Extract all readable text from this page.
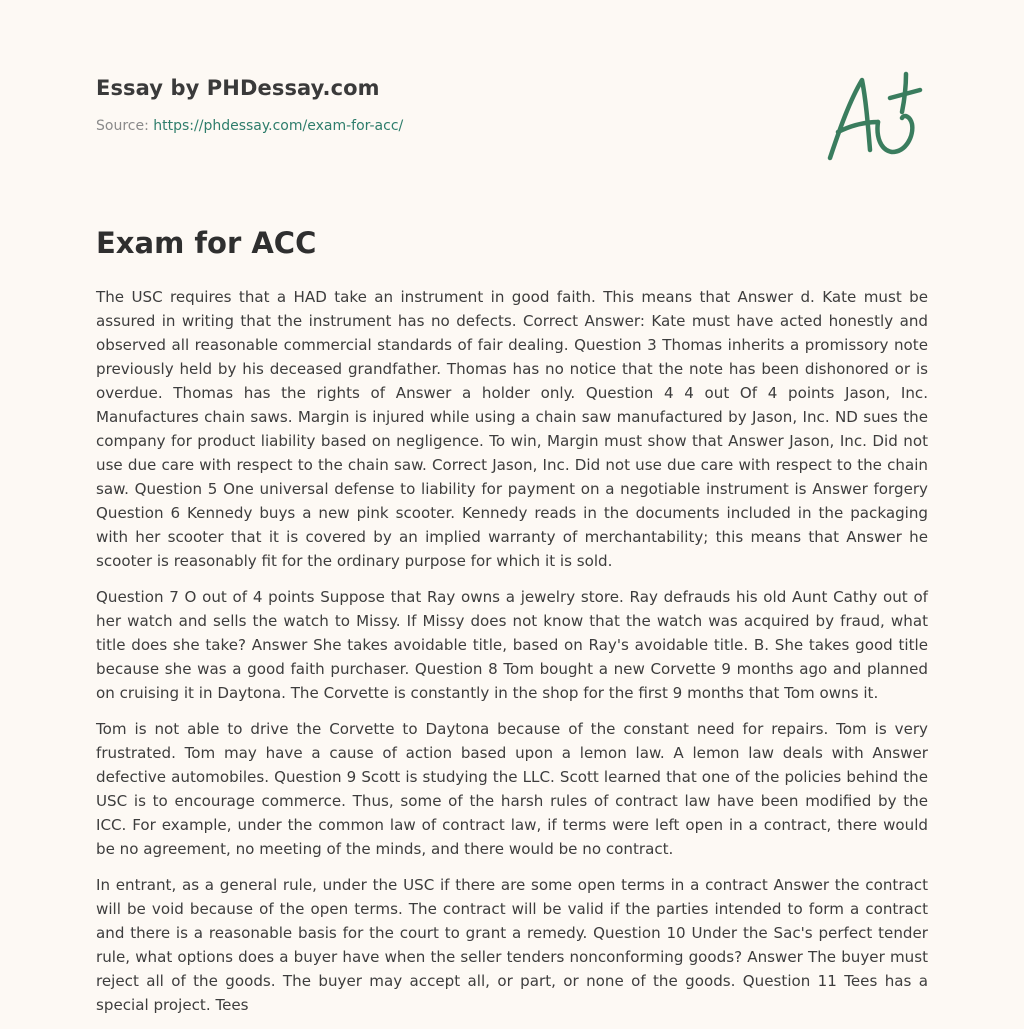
Essay by PHDessay.com
Source: https://phdessay.com/exam-for-acc/
Exam for ACC

The USC requires that a HAD take an instrument in good faith. This means that Answer d. Kate must be assured in writing that the instrument has no defects. Correct Answer: Kate must have acted honestly and observed all reasonable commercial standards of fair dealing. Question 3 Thomas inherits a promissory note previously held by his deceased grandfather. Thomas has no notice that the note has been dishonored or is overdue. Thomas has the rights of Answer a holder only. Question 4 4 out Of 4 points Jason, Inc. Manufactures chain saws. Margin is injured while using a chain saw manufactured by Jason, Inc. ND sues the company for product liability based on negligence. To win, Margin must show that Answer Jason, Inc. Did not use due care with respect to the chain saw. Correct Jason, Inc. Did not use due care with respect to the chain saw. Question 5 One universal defense to liability for payment on a negotiable instrument is Answer forgery Question 6 Kennedy buys a new pink scooter. Kennedy reads in the documents included in the packaging with her scooter that it is covered by an implied warranty of merchantability; this means that Answer he scooter is reasonably fit for the ordinary purpose for which it is sold.

Question 7 O out of 4 points Suppose that Ray owns a jewelry store. Ray defrauds his old Aunt Cathy out of her watch and sells the watch to Missy. If Missy does not know that the watch was acquired by fraud, what title does she take? Answer She takes avoidable title, based on Ray's avoidable title. B. She takes good title because she was a good faith purchaser. Question 8 Tom bought a new Corvette 9 months ago and planned on cruising it in Daytona. The Corvette is constantly in the shop for the first 9 months that Tom owns it.

Tom is not able to drive the Corvette to Daytona because of the constant need for repairs. Tom is very frustrated. Tom may have a cause of action based upon a lemon law. A lemon law deals with Answer defective automobiles. Question 9 Scott is studying the LLC. Scott learned that one of the policies behind the USC is to encourage commerce. Thus, some of the harsh rules of contract law have been modified by the ICC. For example, under the common law of contract law, if terms were left open in a contract, there would be no agreement, no meeting of the minds, and there would be no contract.

In entrant, as a general rule, under the USC if there are some open terms in a contract Answer the contract will be void because of the open terms. The contract will be valid if the parties intended to form a contract and there is a reasonable basis for the court to grant a remedy. Question 10 Under the Sac's perfect tender rule, what options does a buyer have when the seller tenders nonconforming goods? Answer The buyer must reject all of the goods. The buyer may accept all, or part, or none of the goods. Question 11 Tees has a special project. Tees
